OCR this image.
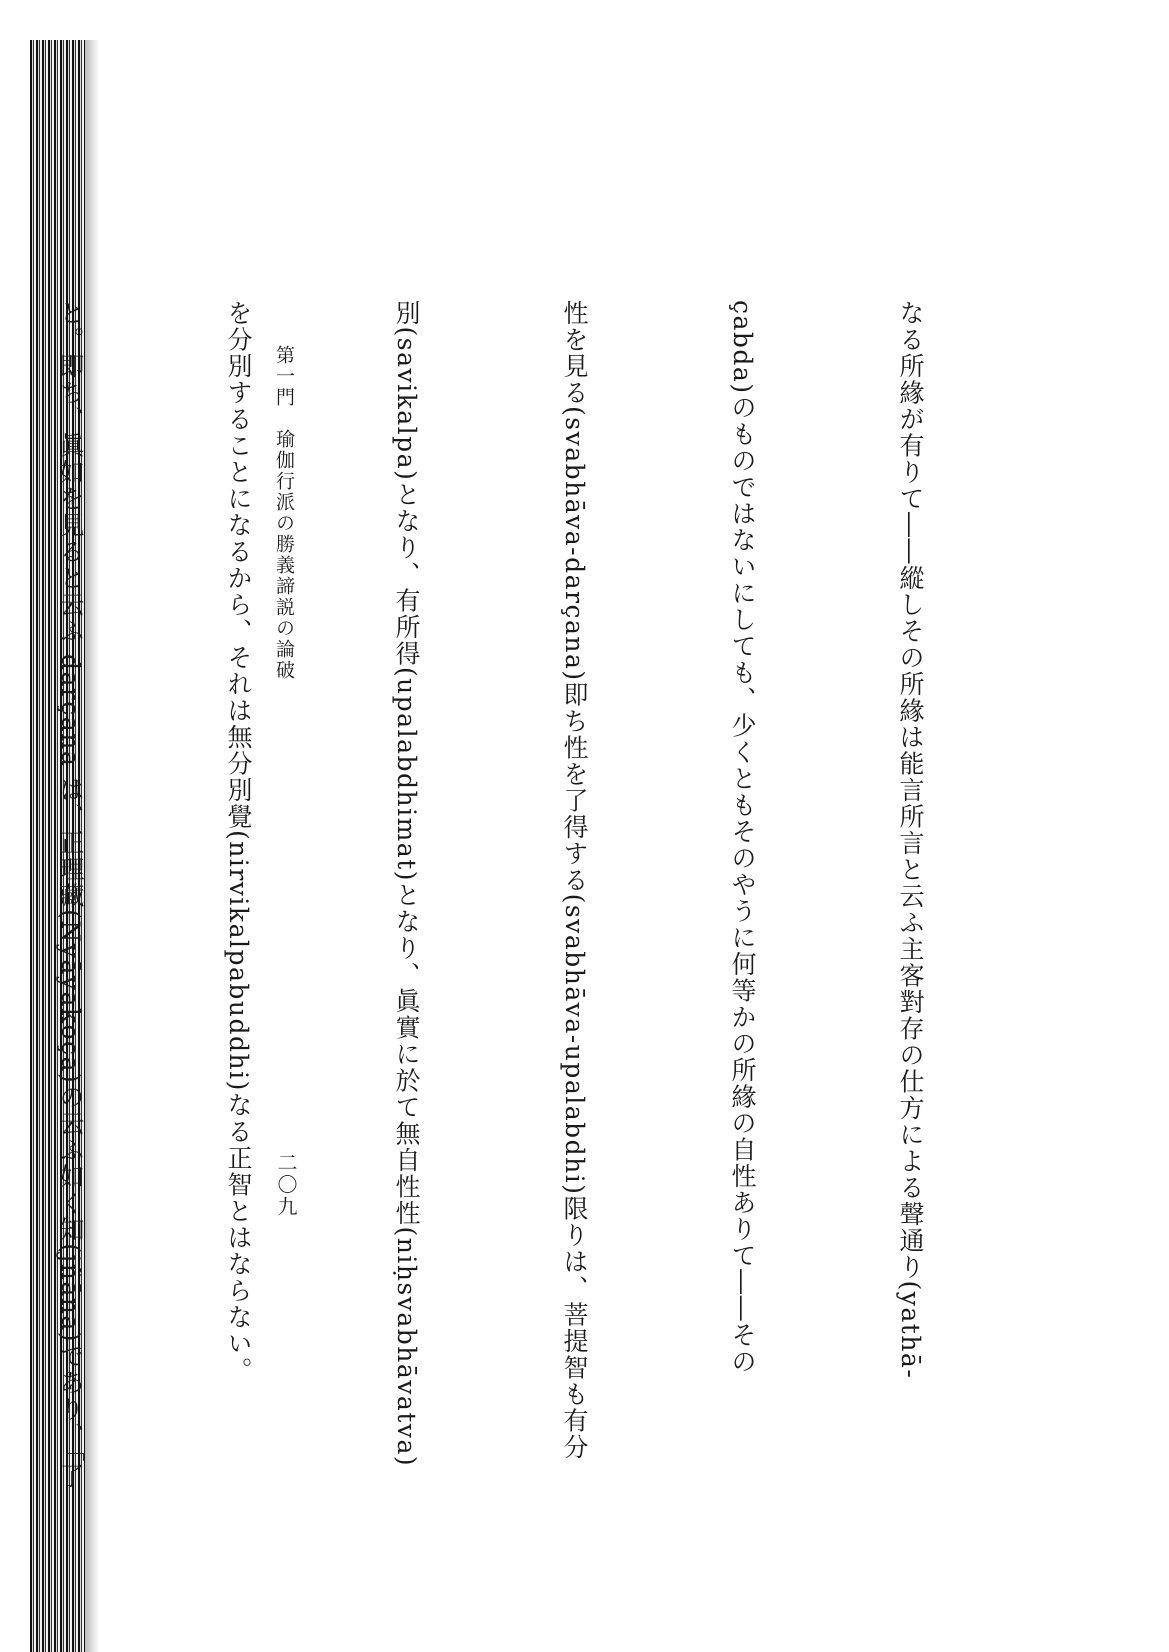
なる所緣が有りて――縱しその所緣は能言所言と云ふ主客對存の仕方による聲通り(yathā-

çabda)のものではないにしても、少くともそのやうに何等かの所緣の自性ありて――その

性を見る(svabhāva-darçana)即ち性を了得する(svabhāva-upalabdhi)限りは、菩提智も有分

別(savikalpa)となり、有所得(upalabdhimat)となり、眞實に於て無自性性(niḥsvabhāvatva)

を分別することになるから、それは無分別覺(nirvikalpabuddhi)なる正智とはならない。

と。即ち、眞如を見ると云ふ darçana は、正理藏(Nyāyakoça)の云ふ如く知(jñāna)であり、「了

	第一門　瑜伽行派の勝義諦説の論破
二〇九
